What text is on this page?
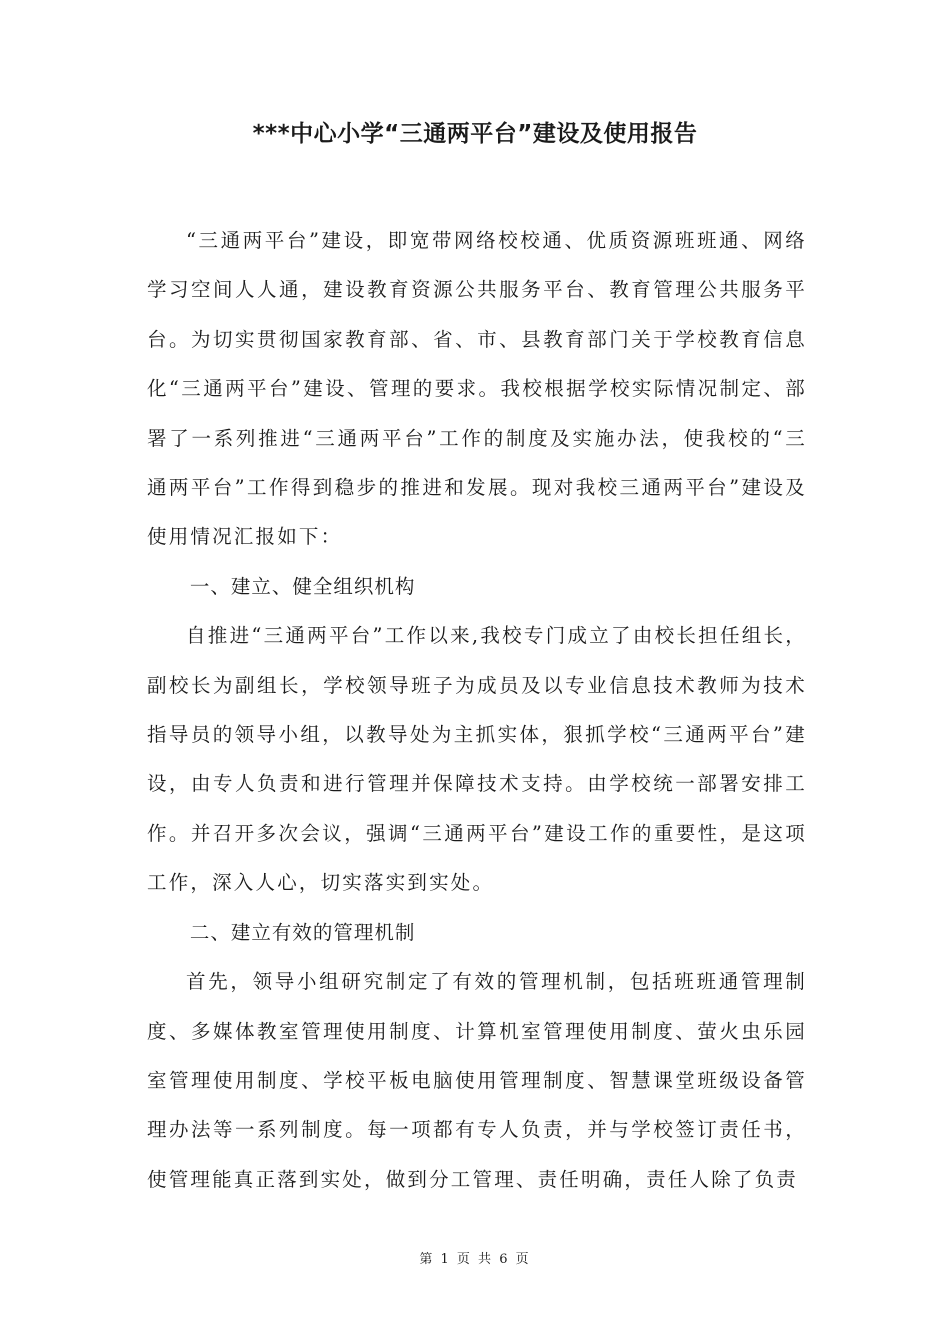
***中心小学“三通两平台”建设及使用报告

“三通两平台”建设，即宽带网络校校通、优质资源班班通、网络学习空间人人通，建设教育资源公共服务平台、教育管理公共服务平台。为切实贯彻国家教育部、省、市、县教育部门关于学校教育信息化“三通两平台”建设、管理的要求。我校根据学校实际情况制定、部署了一系列推进“三通两平台”工作的制度及实施办法，使我校的“三通两平台”工作得到稳步的推进和发展。现对我校三通两平台”建设及使用情况汇报如下：

一、建立、健全组织机构

自推进“三通两平台”工作以来,我校专门成立了由校长担任组长，副校长为副组长，学校领导班子为成员及以专业信息技术教师为技术指导员的领导小组，以教导处为主抓实体，狠抓学校“三通两平台”建设，由专人负责和进行管理并保障技术支持。由学校统一部署安排工作。并召开多次会议，强调“三通两平台”建设工作的重要性，是这项工作，深入人心，切实落实到实处。

二、建立有效的管理机制

首先，领导小组研究制定了有效的管理机制，包括班班通管理制度、多媒体教室管理使用制度、计算机室管理使用制度、萤火虫乐园室管理使用制度、学校平板电脑使用管理制度、智慧课堂班级设备管理办法等一系列制度。每一项都有专人负责，并与学校签订责任书，使管理能真正落到实处，做到分工管理、责任明确，责任人除了负责

第 1 页 共 6 页
